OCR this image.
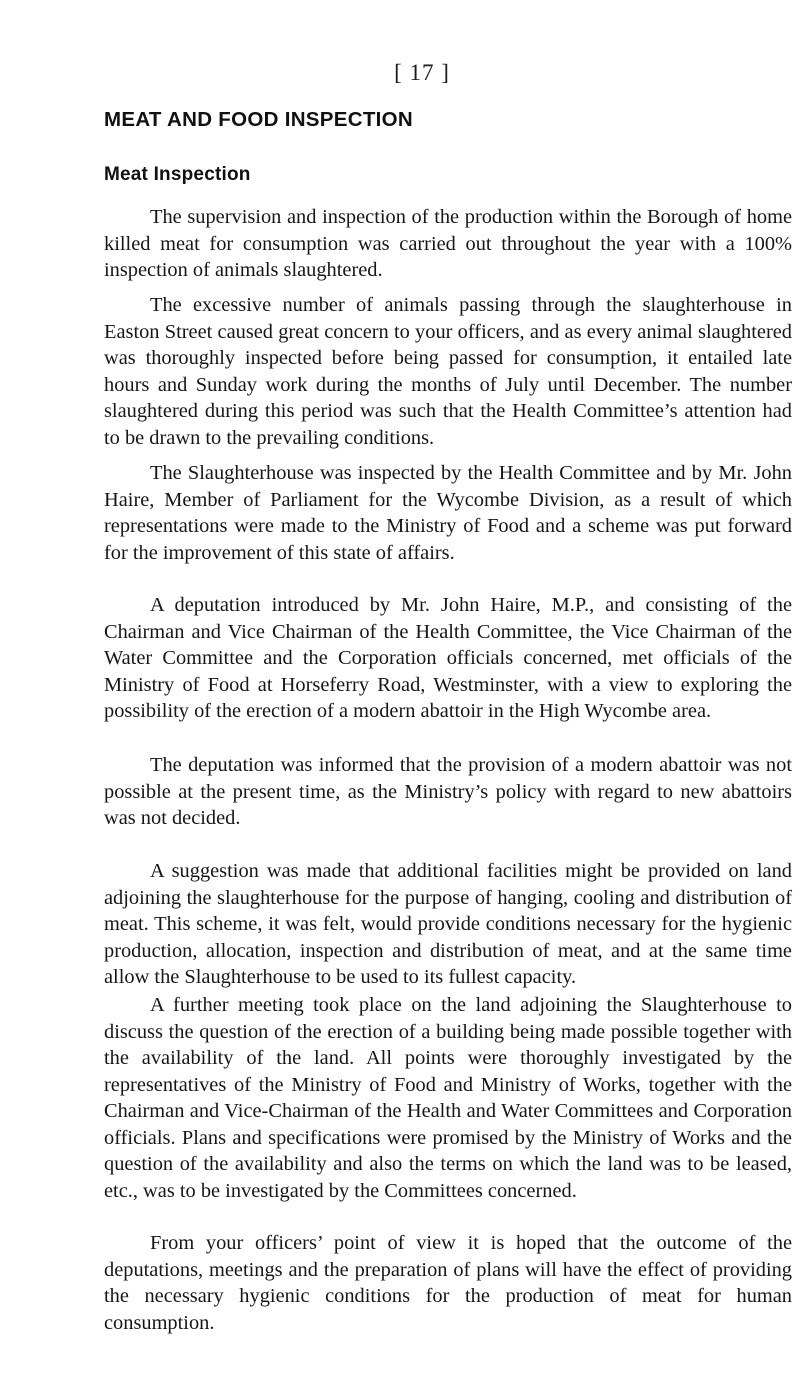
[ 17 ]
MEAT AND FOOD INSPECTION
Meat Inspection

The supervision and inspection of the production within the Borough of home killed meat for consumption was carried out throughout the year with a 100% inspection of animals slaughtered.

The excessive number of animals passing through the slaughterhouse in Easton Street caused great concern to your officers, and as every animal slaughtered was thoroughly inspected before being passed for consumption, it entailed late hours and Sunday work during the months of July until December. The number slaughtered during this period was such that the Health Committee’s attention had to be drawn to the prevailing conditions.

The Slaughterhouse was inspected by the Health Committee and by Mr. John Haire, Member of Parliament for the Wycombe Division, as a result of which representations were made to the Ministry of Food and a scheme was put forward for the improvement of this state of affairs.

A deputation introduced by Mr. John Haire, M.P., and consisting of the Chairman and Vice Chairman of the Health Committee, the Vice Chairman of the Water Committee and the Corporation officials concerned, met officials of the Ministry of Food at Horseferry Road, Westminster, with a view to exploring the possibility of the erection of a modern abattoir in the High Wycombe area.

The deputation was informed that the provision of a modern abattoir was not possible at the present time, as the Ministry’s policy with regard to new abattoirs was not decided.

A suggestion was made that additional facilities might be provided on land adjoining the slaughterhouse for the purpose of hanging, cooling and distribution of meat. This scheme, it was felt, would provide conditions necessary for the hygienic production, allocation, inspection and distribution of meat, and at the same time allow the Slaughterhouse to be used to its fullest capacity.

A further meeting took place on the land adjoining the Slaughterhouse to discuss the question of the erection of a building being made possible together with the availability of the land. All points were thoroughly investigated by the representatives of the Ministry of Food and Ministry of Works, together with the Chairman and Vice-Chairman of the Health and Water Committees and Corporation officials. Plans and specifications were promised by the Ministry of Works and the question of the availability and also the terms on which the land was to be leased, etc., was to be investigated by the Committees concerned.

From your officers’ point of view it is hoped that the outcome of the deputations, meetings and the preparation of plans will have the effect of providing the necessary hygienic conditions for the production of meat for human consumption.
